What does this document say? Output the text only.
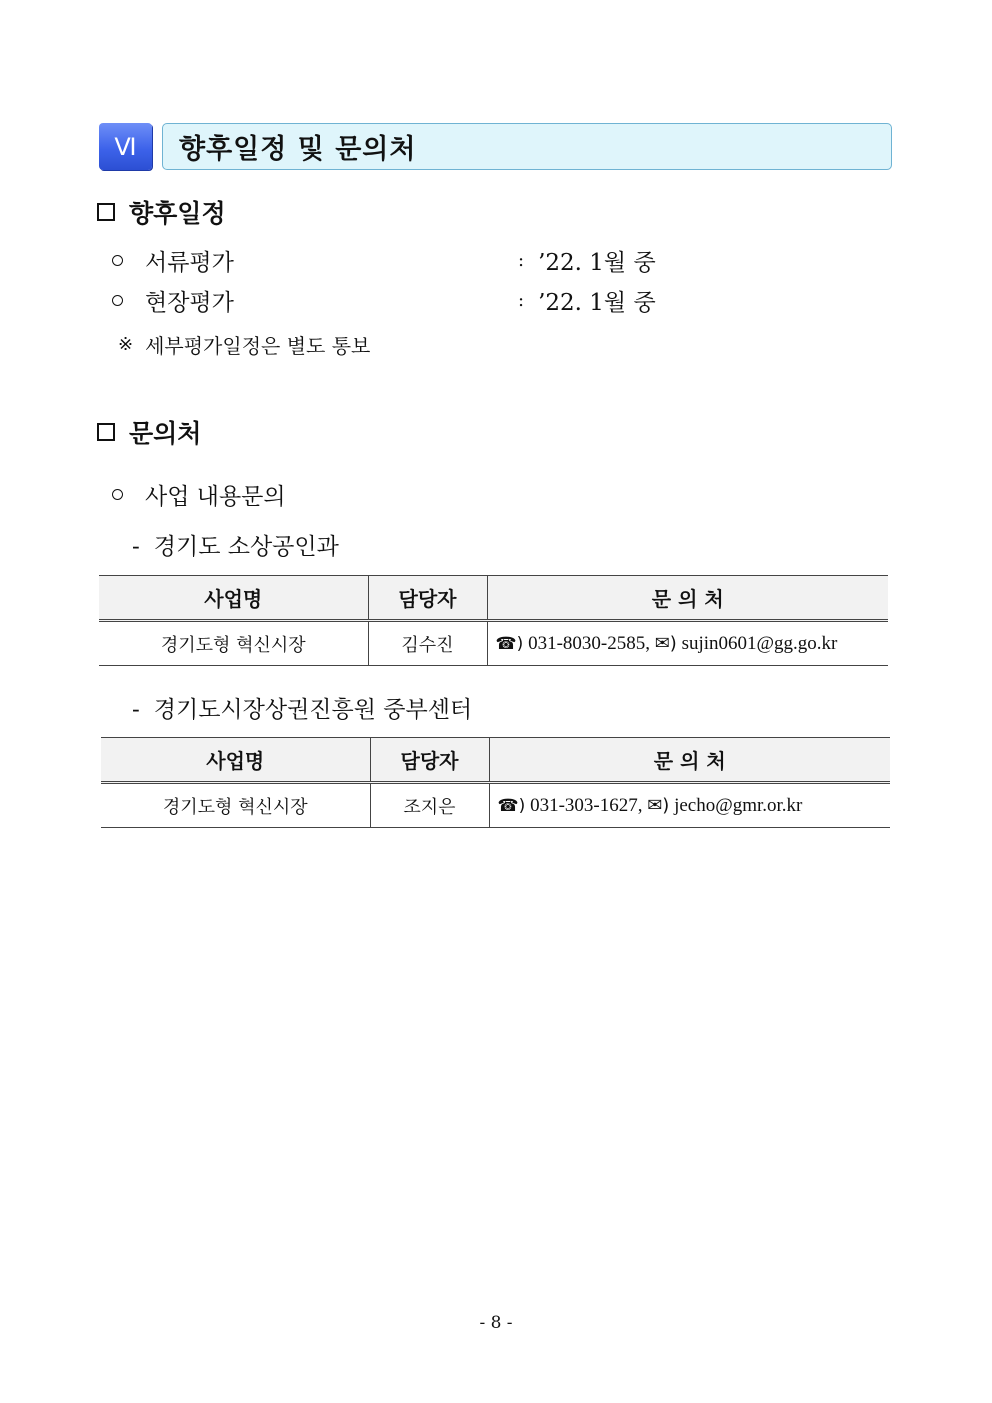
Ⅵ 향후일정 및 문의처
향후일정
서류평가	: ’22. 1월 중
현장평가	: ’22. 1월 중
※ 세부평가일정은 별도 통보
문의처
사업 내용문의
- 경기도 소상공인과
사업명	담당자	문 의 처
경기도형 혁신시장	김수진	☎) 031-8030-2585, ✉) sujin0601@gg.go.kr
- 경기도시장상권진흥원 중부센터
사업명	담당자	문 의 처
경기도형 혁신시장	조지은	☎) 031-303-1627, ✉) jecho@gmr.or.kr
- 8 -
